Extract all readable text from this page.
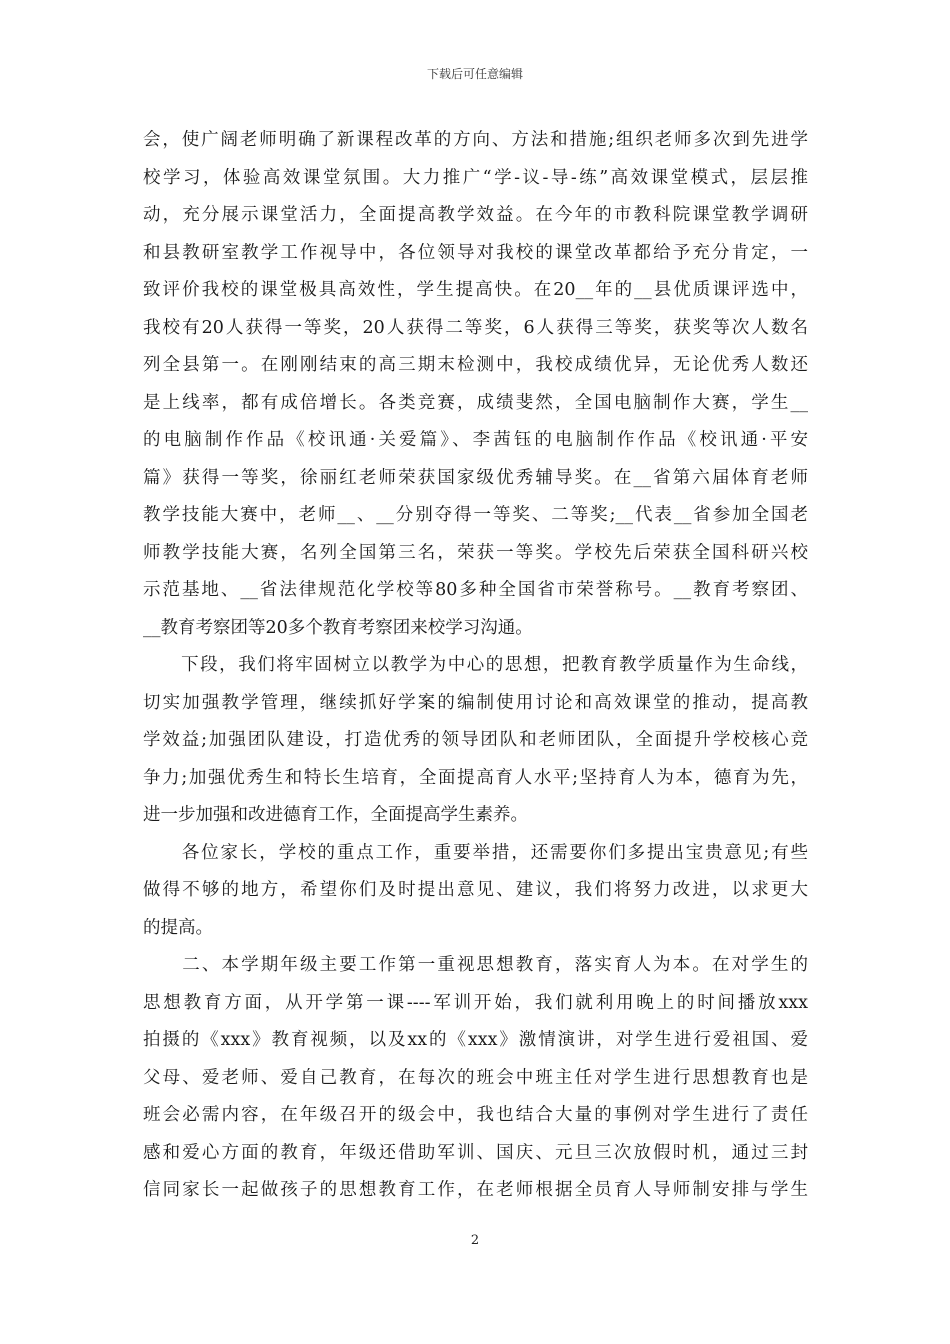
下载后可任意编辑
会，使广阔老师明确了新课程改革的方向、方法和措施;组织老师多次到先进学
校学习，体验高效课堂氛围。大力推广“学-议-导-练”高效课堂模式，层层推
动，充分展示课堂活力，全面提高教学效益。在今年的市教科院课堂教学调研
和县教研室教学工作视导中，各位领导对我校的课堂改革都给予充分肯定，一
致评价我校的课堂极具高效性，学生提高快。在20__年的__县优质课评选中，
我校有20人获得一等奖，20人获得二等奖，6人获得三等奖，获奖等次人数名
列全县第一。在刚刚结束的高三期末检测中，我校成绩优异，无论优秀人数还
是上线率，都有成倍增长。各类竞赛，成绩斐然，全国电脑制作大赛，学生__
的电脑制作作品《校讯通·关爱篇》、李茜钰的电脑制作作品《校讯通·平安
篇》获得一等奖，徐丽红老师荣获国家级优秀辅导奖。在__省第六届体育老师
教学技能大赛中，老师__、__分别夺得一等奖、二等奖;__代表__省参加全国老
师教学技能大赛，名列全国第三名，荣获一等奖。学校先后荣获全国科研兴校
示范基地、__省法律规范化学校等80多种全国省市荣誉称号。__教育考察团、
__教育考察团等20多个教育考察团来校学习沟通。
　　下段，我们将牢固树立以教学为中心的思想，把教育教学质量作为生命线，
切实加强教学管理，继续抓好学案的编制使用讨论和高效课堂的推动，提高教
学效益;加强团队建设，打造优秀的领导团队和老师团队，全面提升学校核心竞
争力;加强优秀生和特长生培育，全面提高育人水平;坚持育人为本，德育为先，
进一步加强和改进德育工作，全面提高学生素养。
　　各位家长，学校的重点工作，重要举措，还需要你们多提出宝贵意见;有些
做得不够的地方，希望你们及时提出意见、建议，我们将努力改进，以求更大
的提高。
　　二、本学期年级主要工作第一重视思想教育，落实育人为本。在对学生的
思想教育方面，从开学第一课----军训开始，我们就利用晚上的时间播放xxx
拍摄的《xxx》教育视频，以及xx的《xxx》激情演讲，对学生进行爱祖国、爱
父母、爱老师、爱自己教育，在每次的班会中班主任对学生进行思想教育也是
班会必需内容，在年级召开的级会中，我也结合大量的事例对学生进行了责任
感和爱心方面的教育，年级还借助军训、国庆、元旦三次放假时机，通过三封
信同家长一起做孩子的思想教育工作，在老师根据全员育人导师制安排与学生
2
